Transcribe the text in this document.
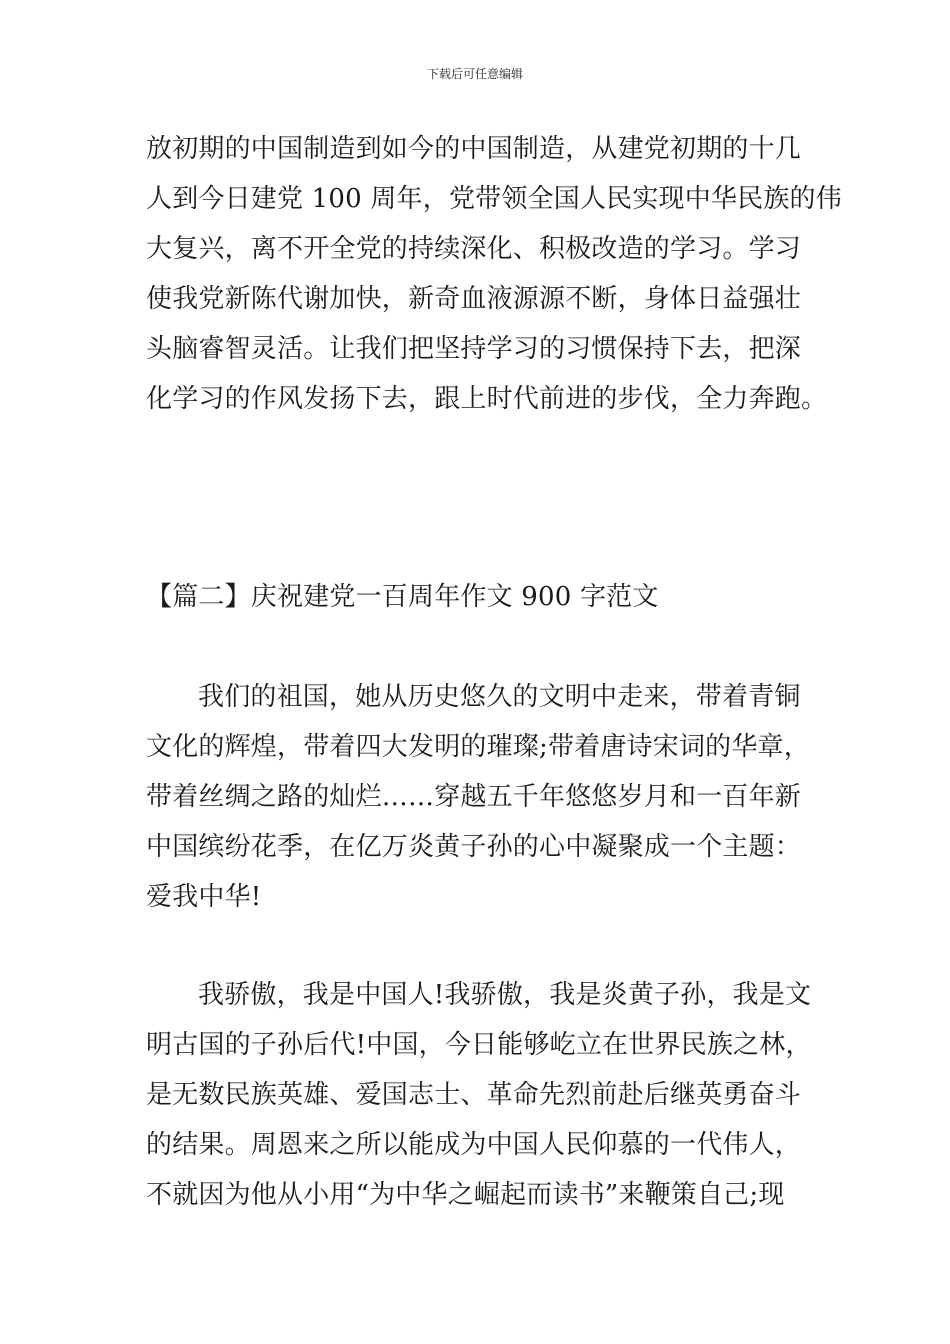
下载后可任意编辑
放初期的中国制造到如今的中国制造，从建党初期的十几
人到今日建党 100 周年，党带领全国人民实现中华民族的伟
大复兴，离不开全党的持续深化、积极改造的学习。学习
使我党新陈代谢加快，新奇血液源源不断，身体日益强壮
头脑睿智灵活。让我们把坚持学习的习惯保持下去，把深
化学习的作风发扬下去，跟上时代前进的步伐，全力奔跑。
【篇二】庆祝建党一百周年作文 900 字范文
我们的祖国，她从历史悠久的文明中走来，带着青铜
文化的辉煌，带着四大发明的璀璨;带着唐诗宋词的华章，
带着丝绸之路的灿烂……穿越五千年悠悠岁月和一百年新
中国缤纷花季，在亿万炎黄子孙的心中凝聚成一个主题：
爱我中华!
我骄傲，我是中国人!我骄傲，我是炎黄子孙，我是文
明古国的子孙后代!中国，今日能够屹立在世界民族之林，
是无数民族英雄、爱国志士、革命先烈前赴后继英勇奋斗
的结果。周恩来之所以能成为中国人民仰慕的一代伟人，
不就因为他从小用“为中华之崛起而读书”来鞭策自己;现
